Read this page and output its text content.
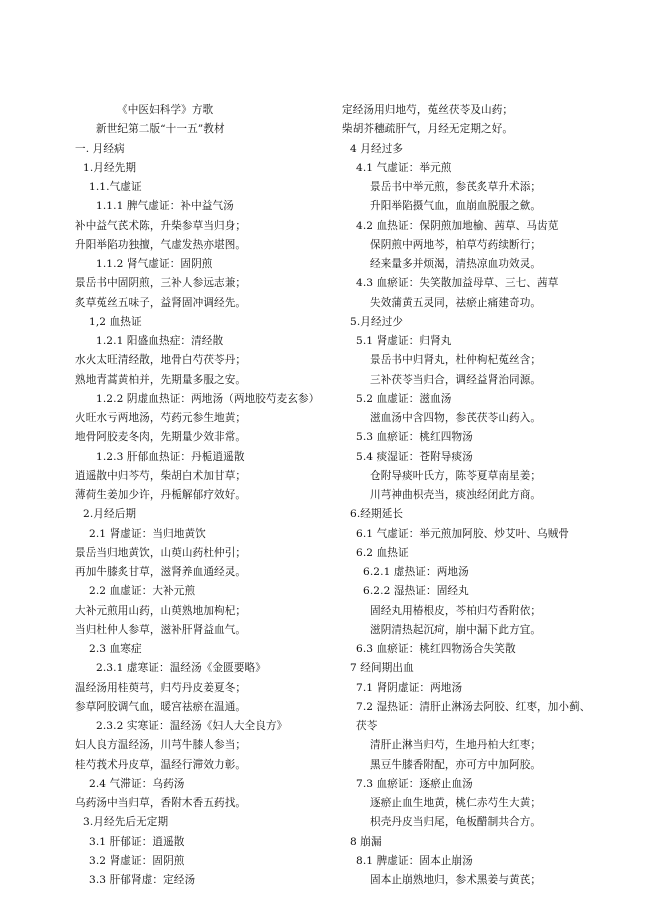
《中医妇科学》方歌
新世纪第二版“十一五”教材
一. 月经病
1.月经先期
1.1.气虚证
1.1.1 脾气虚证：补中益气汤
补中益气芪术陈，升柴参草当归身；
升阳举陷功独擅，气虚发热亦堪图。
1.1.2 肾气虚证：固阴煎
景岳书中固阴煎，三补人参远志兼；
炙草菟丝五味子，益肾固冲调经先。
1,2 血热证
1.2.1 阳盛血热症：清经散
水火太旺清经散，地骨白芍茯苓丹；
熟地青蒿黄柏并，先期量多服之安。
1.2.2 阴虚血热证：两地汤（两地胶芍麦玄参）
火旺水亏两地汤，芍药元参生地黄；
地骨阿胶麦冬肉，先期量少效非常。
1.2.3 肝郁血热证：丹栀逍遥散
逍遥散中归芩芍，柴胡白术加甘草；
薄荷生姜加少许，丹栀解郁疗效好。
2.月经后期
2.1 肾虚证：当归地黄饮
景岳当归地黄饮，山萸山药杜仲引；
再加牛膝炙甘草，滋肾养血通经灵。
2.2 血虚证：大补元煎
大补元煎用山药，山萸熟地加枸杞；
当归杜仲人参草，滋补肝肾益血气。
2.3 血寒症
2.3.1 虚寒证：温经汤《金匮要略》
温经汤用桂萸芎，归芍丹皮姜夏冬；
参草阿胶调气血，暖宫祛瘀在温通。
2.3.2 实寒证：温经汤《妇人大全良方》
妇人良方温经汤，川芎牛膝人参当；
桂芍莪术丹皮草，温经行滞效力彰。
2.4 气滞证：乌药汤
乌药汤中当归草，香附木香五药找。
3.月经先后无定期
3.1 肝郁证：逍遥散
3.2 肾虚证：固阴煎
3.3 肝郁肾虚：定经汤
定经汤用归地芍，菟丝茯苓及山药；
柴胡芥穗疏肝气，月经无定期之好。
4 月经过多
4.1 气虚证：举元煎
景岳书中举元煎，参芪炙草升术添；
升阳举陷摄气血，血崩血脱服之歛。
4.2 血热证：保阴煎加地榆、茜草、马齿苋
保阴煎中两地芩，柏草芍药续断行；
经来量多并烦渴，清热凉血功效灵。
4.3 血瘀证：失笑散加益母草、三七、茜草
失效蒲黄五灵同，祛瘀止痛建奇功。
5.月经过少
5.1 肾虚证：归肾丸
景岳书中归肾丸，杜仲枸杞菟丝含；
三补茯苓当归合，调经益肾治同源。
5.2 血虚证：滋血汤
滋血汤中含四物，参芪茯苓山药入。
5.3 血瘀证：桃红四物汤
5.4 痰湿证：苍附导痰汤
仓附导痰叶氏方，陈苓夏草南星姜；
川芎神曲枳壳当，痰浊经闭此方商。
6.经期延长
6.1 气虚证：举元煎加阿胶、炒艾叶、乌贼骨
6.2 血热证
6.2.1 虚热证：两地汤
6.2.2 湿热证：固经丸
固经丸用椿根皮，芩柏归芍香附依；
滋阴清热起沉疴，崩中漏下此方宜。
6.3 血瘀证：桃红四物汤合失笑散
7 经间期出血
7.1 肾阴虚证：两地汤
7.2 湿热证：清肝止淋汤去阿胶、红枣，加小蓟、茯苓
清肝止淋当归芍，生地丹柏大红枣；
黑豆牛膝香附配，亦可方中加阿胶。
7.3 血瘀证：逐瘀止血汤
逐瘀止血生地黄，桃仁赤芍生大黄；
枳壳丹皮当归尾，龟板醋制共合方。
8 崩漏
8.1 脾虚证：固本止崩汤
固本止崩熟地归，参术黑姜与黄芪；
